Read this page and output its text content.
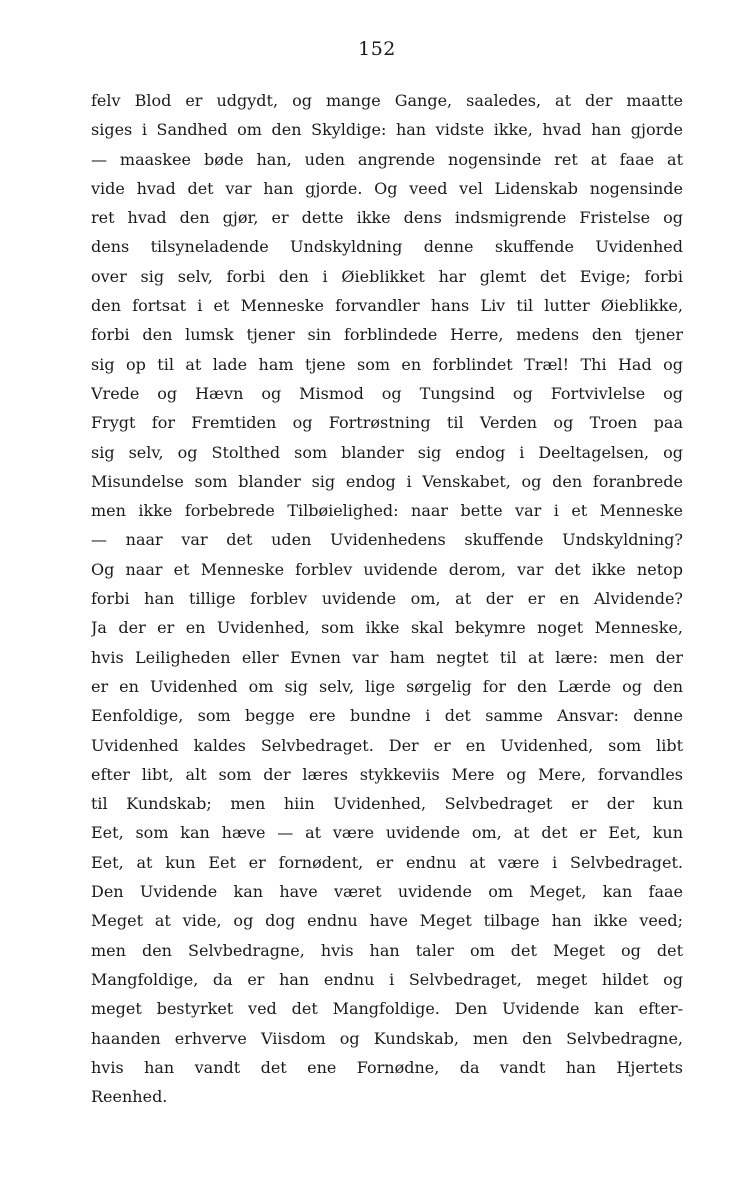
152
felv Blod er udgydt, og mange Gange, saaledes, at der maatte
siges i Sandhed om den Skyldige: han vidste ikke, hvad han gjorde
— maaskee bøde han, uden angrende nogensinde ret at faae at
vide hvad det var han gjorde. Og veed vel Lidenskab nogensinde
ret hvad den gjør, er dette ikke dens indsmigrende Fristelse og
dens tilsyneladende Undskyldning denne skuffende Uvidenhed
over sig selv, forbi den i Øieblikket har glemt det Evige; forbi
den fortsat i et Menneske forvandler hans Liv til lutter Øieblikke,
forbi den lumsk tjener sin forblindede Herre, medens den tjener
sig op til at lade ham tjene som en forblindet Træl! Thi Had og
Vrede og Hævn og Mismod og Tungsind og Fortvivlelse og
Frygt for Fremtiden og Fortrøstning til Verden og Troen paa
sig selv, og Stolthed som blander sig endog i Deeltagelsen, og
Misundelse som blander sig endog i Venskabet, og den foranbrede
men ikke forbebrede Tilbøielighed: naar bette var i et Menneske
— naar var det uden Uvidenhedens skuffende Undskyldning?
Og naar et Menneske forblev uvidende derom, var det ikke netop
forbi han tillige forblev uvidende om, at der er en Alvidende?
Ja der er en Uvidenhed, som ikke skal bekymre noget Menneske,
hvis Leiligheden eller Evnen var ham negtet til at lære: men der
er en Uvidenhed om sig selv, lige sørgelig for den Lærde og den
Eenfoldige, som begge ere bundne i det samme Ansvar: denne
Uvidenhed kaldes Selvbedraget. Der er en Uvidenhed, som libt
efter libt, alt som der læres stykkeviis Mere og Mere, forvandles
til Kundskab; men hiin Uvidenhed, Selvbedraget er der kun
Eet, som kan hæve — at være uvidende om, at det er Eet, kun
Eet, at kun Eet er fornødent, er endnu at være i Selvbedraget.
Den Uvidende kan have været uvidende om Meget, kan faae
Meget at vide, og dog endnu have Meget tilbage han ikke veed;
men den Selvbedragne, hvis han taler om det Meget og det
Mangfoldige, da er han endnu i Selvbedraget, meget hildet og
meget bestyrket ved det Mangfoldige. Den Uvidende kan efter-
haanden erhverve Viisdom og Kundskab, men den Selvbedragne,
hvis han vandt det ene Fornødne, da vandt han Hjertets
Reenhed.
